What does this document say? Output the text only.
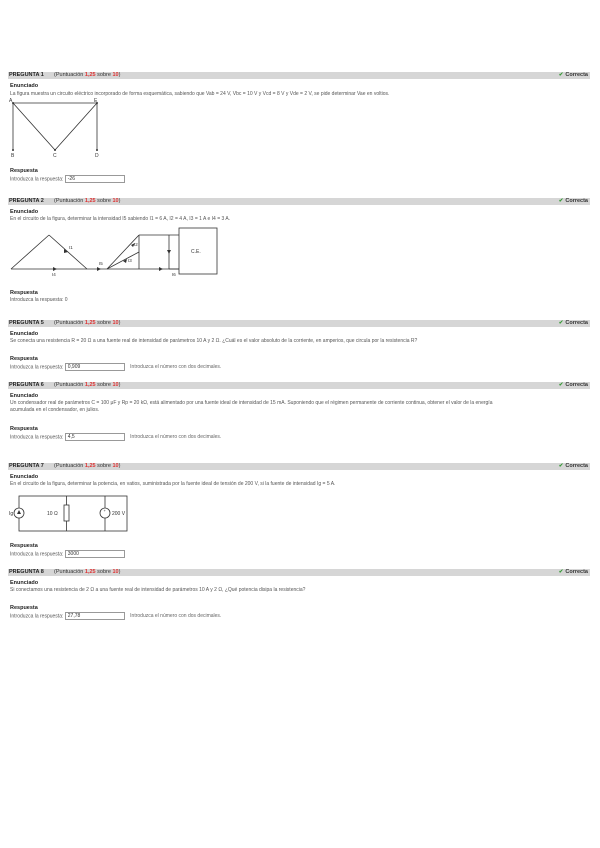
PREGUNTA 1 (Puntuación 1,25 sobre 10)	✔ Correcta
Enunciado
La figura muestra un circuito eléctrico incorporado de forma esquemática, sabiendo que Vab = 24 V, Vbc = 10 V y Vcd = 8 V y Vde = 2 V, se pide determinar Vae en voltios.
A	E
B	C	D
Respuesta
Introduzca la respuesta: -26
PREGUNTA 2 (Puntuación 1,25 sobre 10)	✔ Correcta
Enunciado
En el circuito de la figura, determinar la intensidad I5 sabiendo I1 = 6 A, I2 = 4 A, I3 = 1 A e I4 = 3 A.
I1
I2
I3
I4
I5
I6
C.E.
Respuesta
Introduzca la respuesta: 0
PREGUNTA 5 (Puntuación 1,25 sobre 10)	✔ Correcta
Enunciado
Se conecta una resistencia R = 20 Ω a una fuente real de intensidad de parámetros 10 A y 2 Ω. ¿Cuál es el valor absoluto de la corriente, en amperios, que circula por la resistencia R?
Respuesta
Introduzca la respuesta: 0,909	Introduzca el número con dos decimales.
PREGUNTA 6 (Puntuación 1,25 sobre 10)	✔ Correcta
Enunciado
Un condensador real de parámetros C = 100 μF y Rp = 20 kΩ, está alimentado por una fuente ideal de intensidad de 15 mA. Suponiendo que el régimen permanente de corriente continua, obtener el valor de la energía
acumulada en el condensador, en julios.
Respuesta
Introduzca la respuesta: 4,5	Introduzca el número con dos decimales.
PREGUNTA 7 (Puntuación 1,25 sobre 10)	✔ Correcta
Enunciado
En el circuito de la figura, determinar la potencia, en vatios, suministrada por la fuente ideal de tensión de 200 V, si la fuente de intensidad Ig = 5 A.
+
Ig	10 Ω	200 V
Respuesta
Introduzca la respuesta: 3000
PREGUNTA 8 (Puntuación 1,25 sobre 10)	✔ Correcta
Enunciado
Si conectamos una resistencia de 2 Ω a una fuente real de intensidad de parámetros 10 A y 2 Ω, ¿Qué potencia disipa la resistencia?
Respuesta
Introduzca la respuesta: 27,78	Introduzca el número con dos decimales.
